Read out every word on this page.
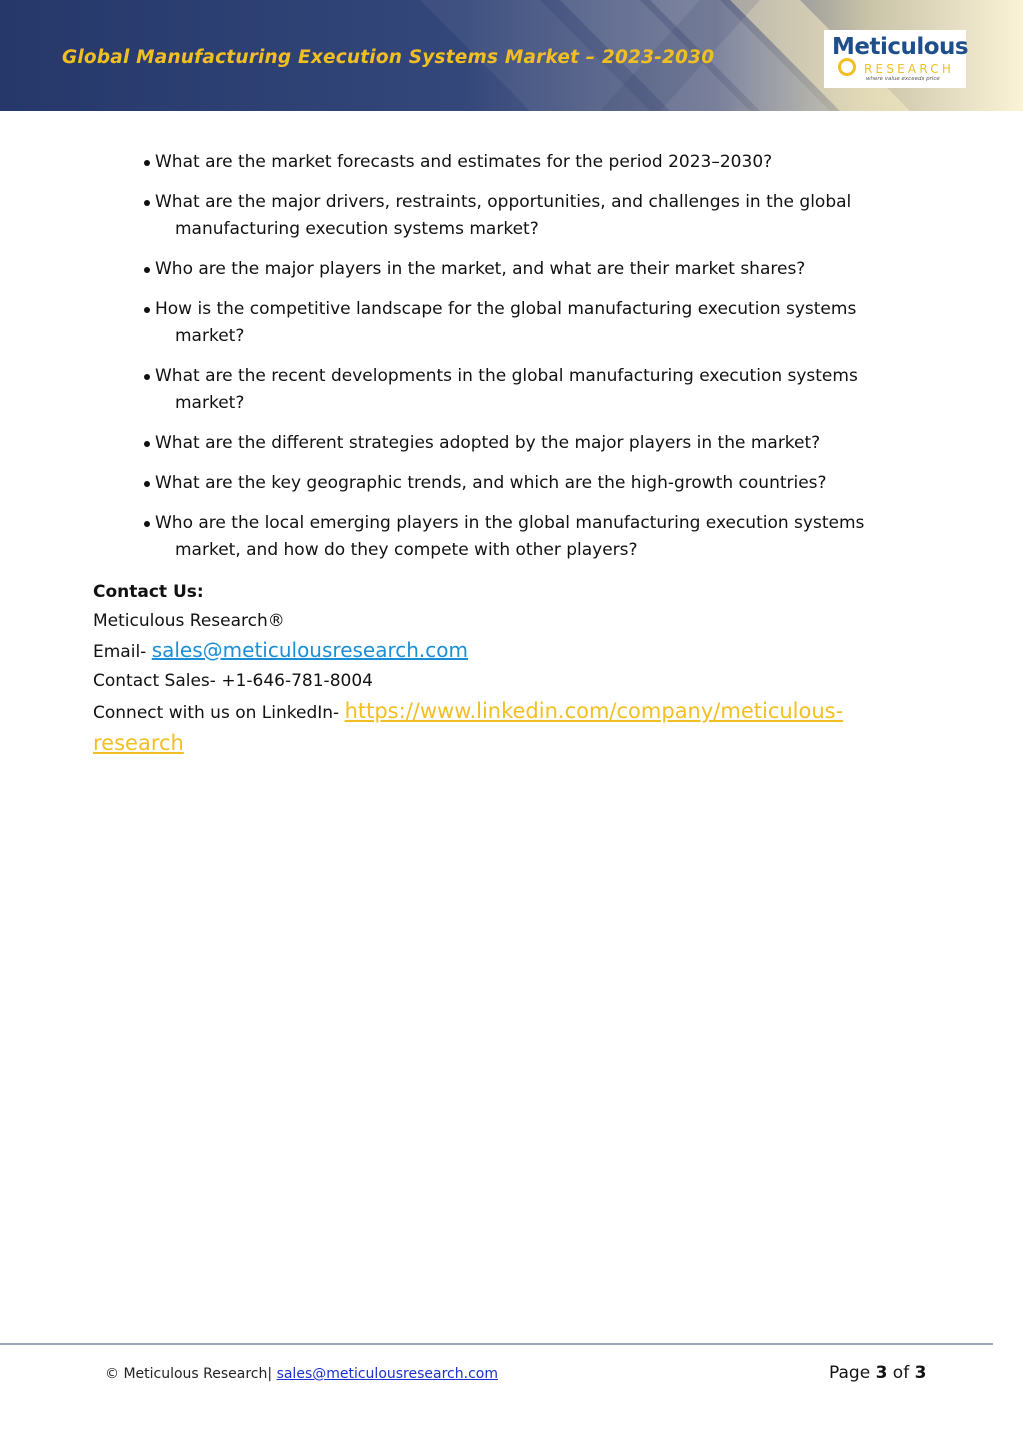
Global Manufacturing Execution Systems Market – 2023-2030	Meticulous
RESEARCH
where value exceeds price
What are the market forecasts and estimates for the period 2023–2030?
What are the major drivers, restraints, opportunities, and challenges in the global
manufacturing execution systems market?
Who are the major players in the market, and what are their market shares?
How is the competitive landscape for the global manufacturing execution systems
market?
What are the recent developments in the global manufacturing execution systems
market?
What are the different strategies adopted by the major players in the market?
What are the key geographic trends, and which are the high-growth countries?
Who are the local emerging players in the global manufacturing execution systems
market, and how do they compete with other players?
Contact Us:
Meticulous Research®
Email- sales@meticulousresearch.com
Contact Sales- +1-646-781-8004
Connect with us on LinkedIn- https://www.linkedin.com/company/meticulous-
research
© Meticulous Research| sales@meticulousresearch.com	Page 3 of 3
